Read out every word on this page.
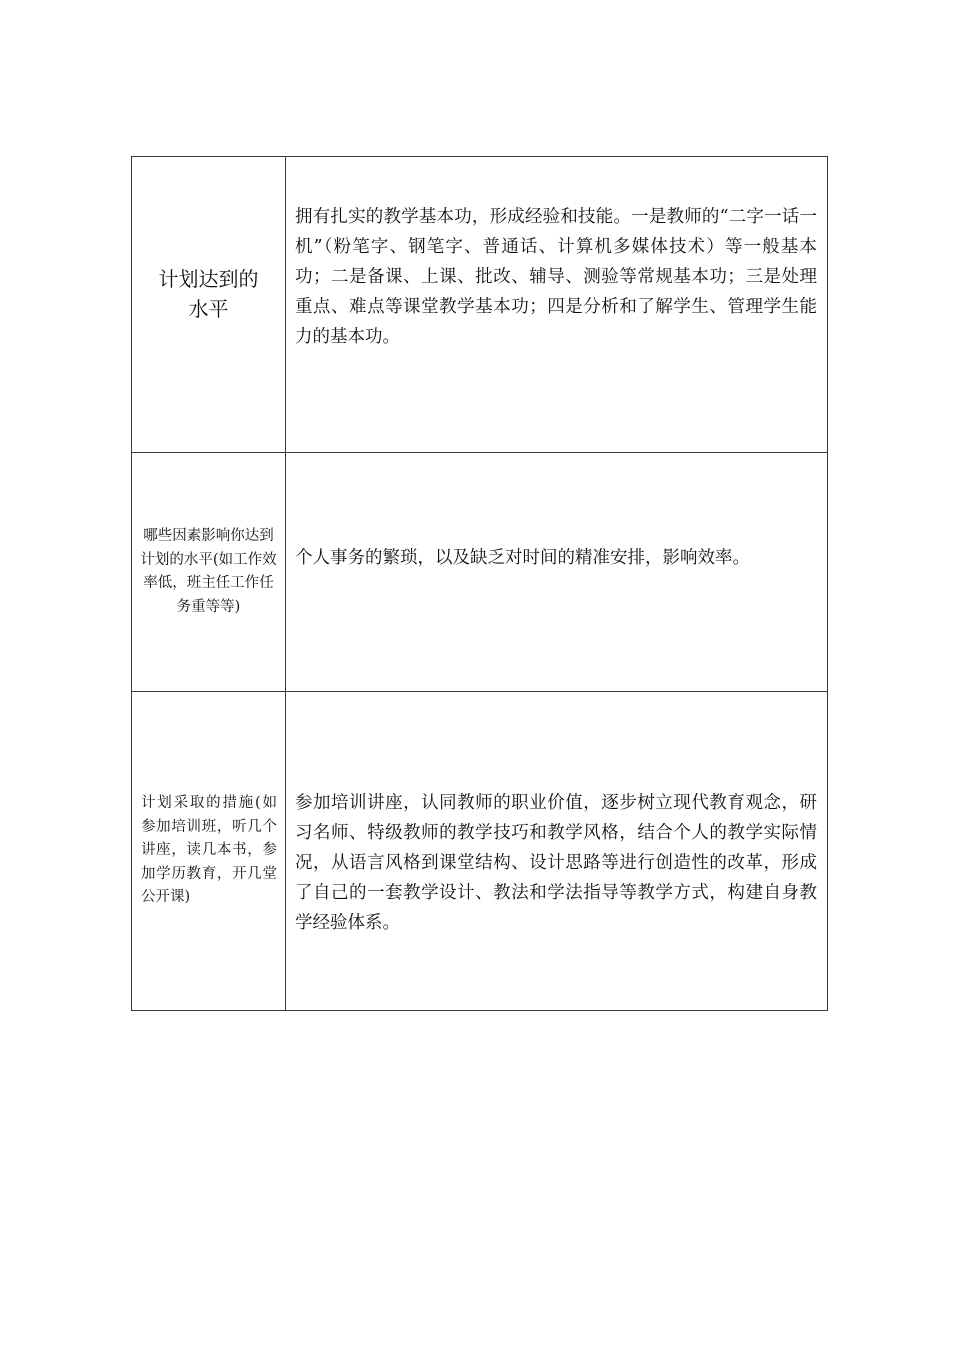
计划达到的水平	拥有扎实的教学基本功，形成经验和技能。一是教师的“二字一话一机”（粉笔字、钢笔字、普通话、计算机多媒体技术）等一般基本功；二是备课、上课、批改、辅导、测验等常规基本功；三是处理重点、难点等课堂教学基本功；四是分析和了解学生、管理学生能力的基本功。

哪些因素影响你达到计划的水平(如工作效率低，班主任工作任务重等等)	个人事务的繁琐，以及缺乏对时间的精准安排，影响效率。

计划采取的措施(如参加培训班，听几个讲座，读几本书，参加学历教育，开几堂公开课)	参加培训讲座，认同教师的职业价值，逐步树立现代教育观念，研习名师、特级教师的教学技巧和教学风格，结合个人的教学实际情况，从语言风格到课堂结构、设计思路等进行创造性的改革，形成了自己的一套教学设计、教法和学法指导等教学方式，构建自身教学经验体系。
